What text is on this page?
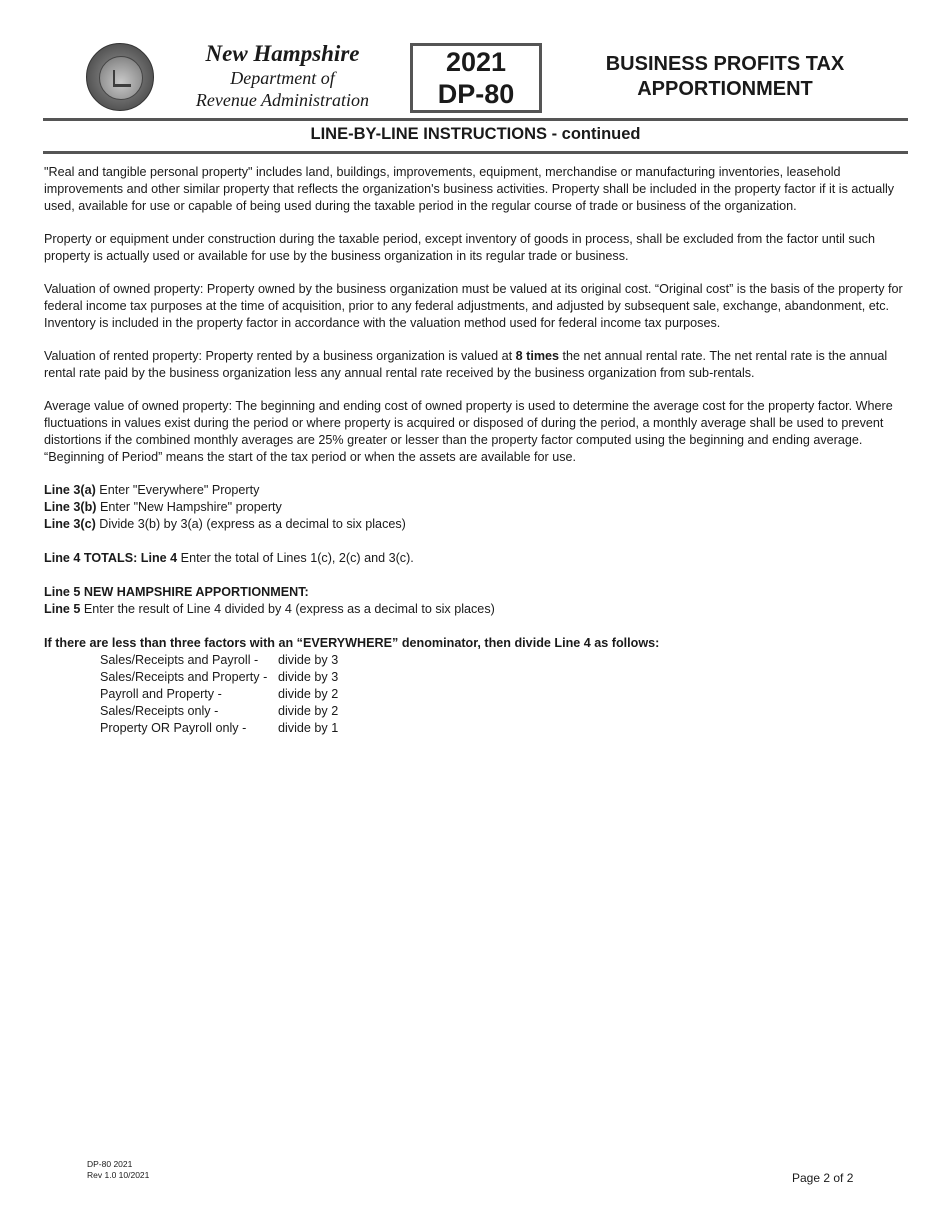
New Hampshire
Department of
Revenue Administration
2021
DP-80
BUSINESS PROFITS TAX
APPORTIONMENT
LINE-BY-LINE INSTRUCTIONS - continued

"Real and tangible personal property" includes land, buildings, improvements, equipment, merchandise or manufacturing inventories, leasehold improvements and other similar property that reflects the organization's business activities. Property shall be included in the property factor if it is actually used, available for use or capable of being used during the taxable period in the regular course of trade or business of the organization.

Property or equipment under construction during the taxable period, except inventory of goods in process, shall be excluded from the factor until such property is actually used or available for use by the business organization in its regular trade or business.

Valuation of owned property: Property owned by the business organization must be valued at its original cost. “Original cost” is the basis of the property for federal income tax purposes at the time of acquisition, prior to any federal adjustments, and adjusted by subsequent sale, exchange, abandonment, etc. Inventory is included in the property factor in accordance with the valuation method used for federal income tax purposes.

Valuation of rented property: Property rented by a business organization is valued at 8 times the net annual rental rate. The net rental rate is the annual rental rate paid by the business organization less any annual rental rate received by the business organization from sub-rentals.

Average value of owned property: The beginning and ending cost of owned property is used to determine the average cost for the property factor. Where fluctuations in values exist during the period or where property is acquired or disposed of during the period, a monthly average shall be used to prevent distortions if the combined monthly averages are 25% greater or lesser than the property factor computed using the beginning and ending average. “Beginning of Period” means the start of the tax period or when the assets are available for use.

Line 3(a) Enter "Everywhere" Property

Line 3(b) Enter "New Hampshire" property

Line 3(c) Divide 3(b) by 3(a) (express as a decimal to six places)

Line 4 TOTALS: Line 4 Enter the total of Lines 1(c), 2(c) and 3(c).

Line 5 NEW HAMPSHIRE APPORTIONMENT:

Line 5 Enter the result of Line 4 divided by 4 (express as a decimal to six places)

If there are less than three factors with an “EVERYWHERE” denominator, then divide Line 4 as follows:

Sales/Receipts and Payroll -	divide by 3
Sales/Receipts and Property - divide by 3
Payroll and Property -	divide by 2
Sales/Receipts only -	divide by 2
Property OR Payroll only -	divide by 1
DP-80 2021
Rev 1.0 10/2021	Page 2 of 2
